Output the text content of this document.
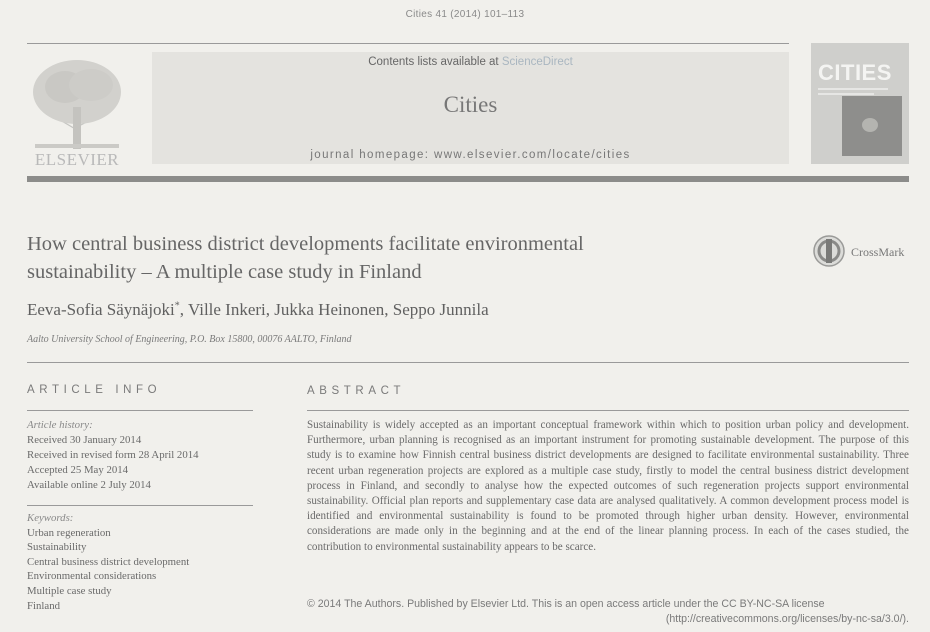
Cities 41 (2014) 101–113
ELSEVIER
Contents lists available at ScienceDirect
Cities
journal homepage: www.elsevier.com/locate/cities
CITIES
How central business district developments facilitate environmental
sustainability – A multiple case study in Finland
CrossMark
Eeva-Sofia Säynäjoki*, Ville Inkeri, Jukka Heinonen, Seppo Junnila
Aalto University School of Engineering, P.O. Box 15800, 00076 AALTO, Finland
ARTICLE INFO	ABSTRACT
Article history:
Received 30 January 2014
Received in revised form 28 April 2014
Accepted 25 May 2014
Available online 2 July 2014
Keywords:
Urban regeneration
Sustainability
Central business district development
Environmental considerations
Multiple case study
Finland
Sustainability is widely accepted as an important conceptual framework within which to position urban policy and development. Furthermore, urban planning is recognised as an important instrument for promoting sustainable development. The purpose of this study is to examine how Finnish central business district developments are designed to facilitate environmental sustainability. Three recent urban regeneration projects are explored as a multiple case study, firstly to model the central business district development process in Finland, and secondly to analyse how the expected outcomes of such regeneration projects support environmental sustainability. Official plan reports and supplementary case data are analysed qualitatively. A common development process model is identified and environmental sustainability is found to be promoted through higher urban density. However, environmental considerations are made only in the beginning and at the end of the linear planning process. In each of the cases studied, the contribution to environmental sustainability appears to be scarce.
© 2014 The Authors. Published by Elsevier Ltd. This is an open access article under the CC BY-NC-SA license
(http://creativecommons.org/licenses/by-nc-sa/3.0/).
